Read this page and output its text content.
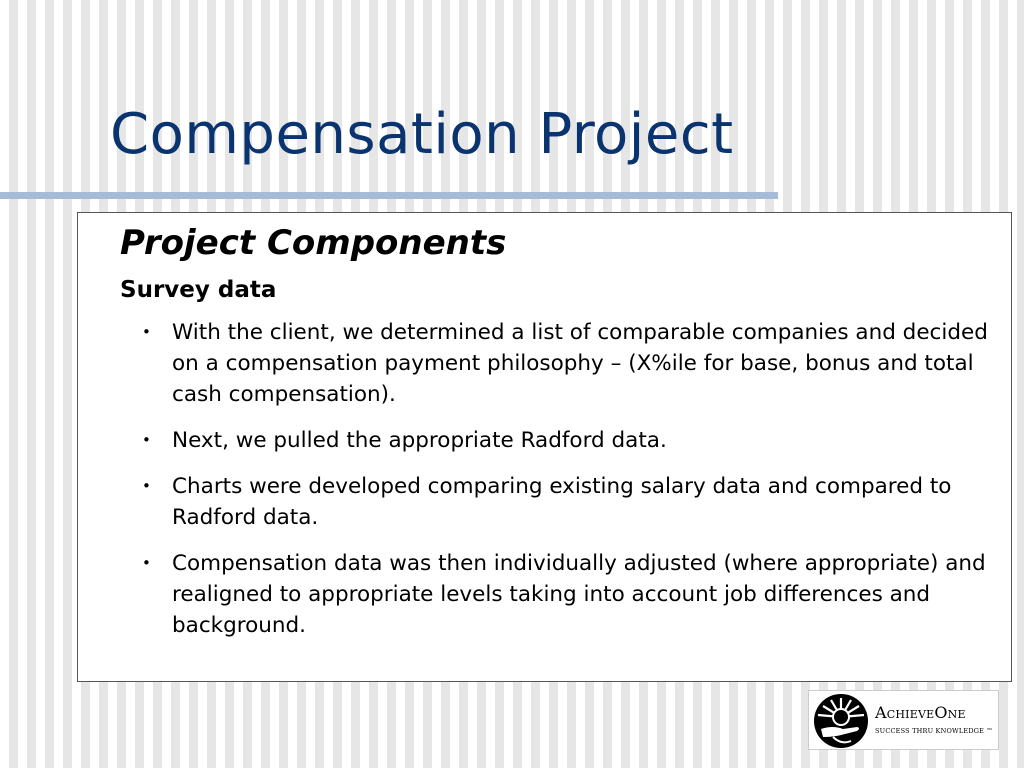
Compensation Project
Project Components
Survey data
• With the client, we determined a list of comparable companies and decided on a compensation payment philosophy – (X%ile for base, bonus and total cash compensation).
• Next, we pulled the appropriate Radford data.
• Charts were developed comparing existing salary data and compared to Radford data.
• Compensation data was then individually adjusted (where appropriate) and realigned to appropriate levels taking into account job differences and background.
AchieveOne
SUCCESS THRU KNOWLEDGE ™
